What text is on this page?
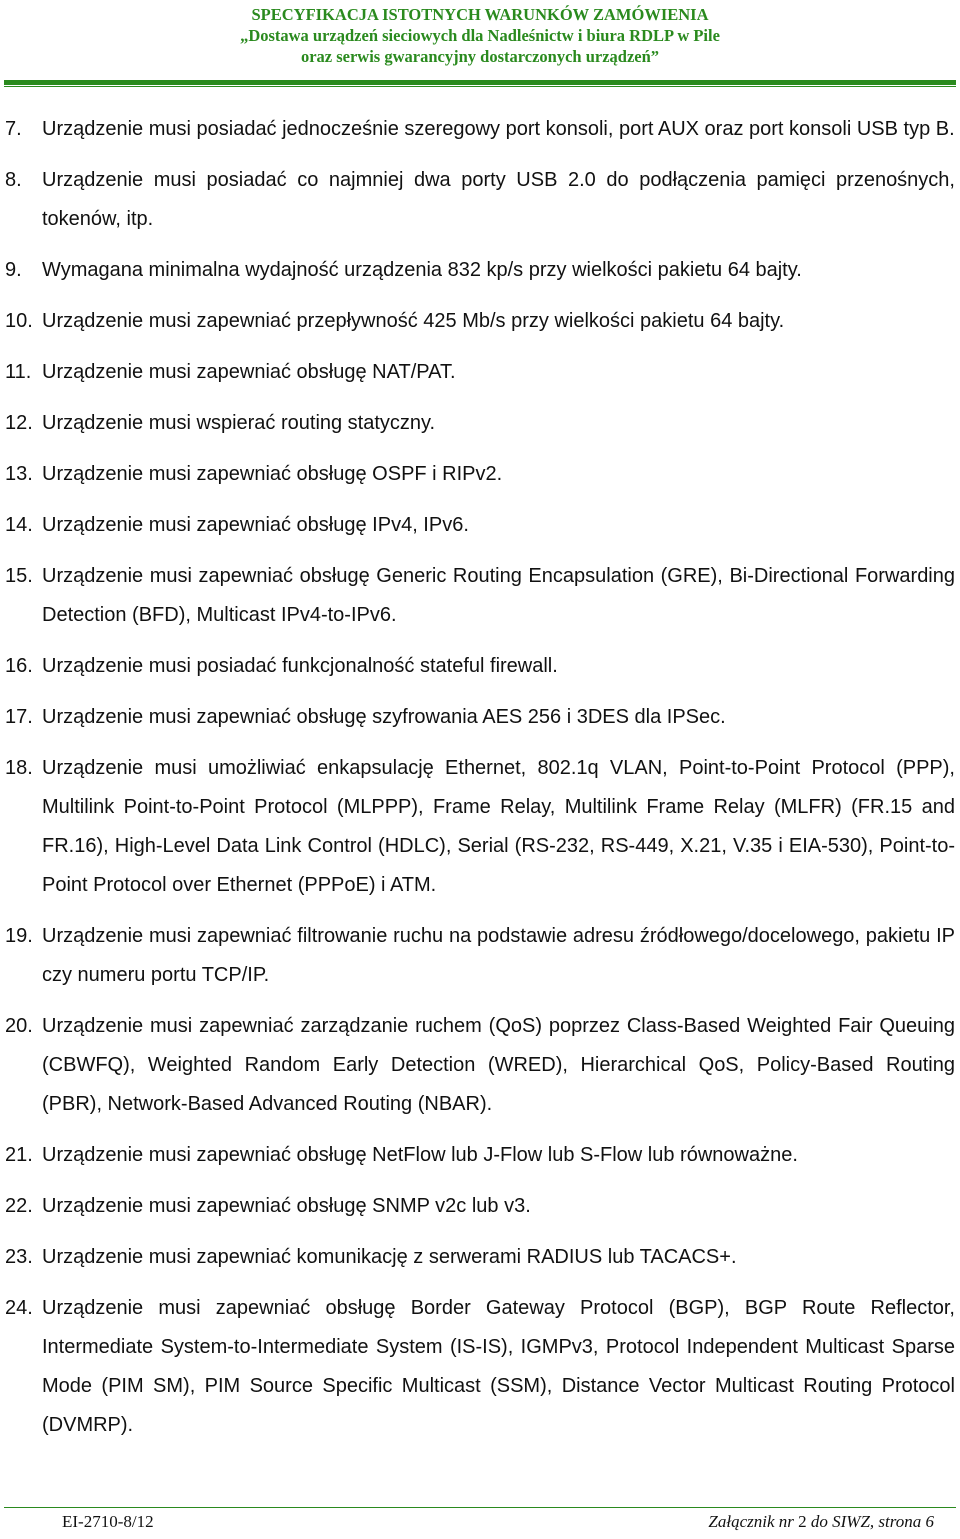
SPECYFIKACJA ISTOTNYCH WARUNKÓW ZAMÓWIENIA
„Dostawa urządzeń sieciowych dla Nadleśnictw i biura RDLP w Pile
oraz serwis gwarancyjny dostarczonych urządzeń”
7. Urządzenie musi posiadać jednocześnie szeregowy port konsoli, port AUX oraz port konsoli USB typ B.
8. Urządzenie musi posiadać co najmniej dwa porty USB 2.0 do podłączenia pamięci przenośnych, tokenów, itp.
9. Wymagana minimalna wydajność urządzenia 832 kp/s przy wielkości pakietu 64 bajty.
10. Urządzenie musi zapewniać przepływność 425 Mb/s przy wielkości pakietu 64 bajty.
11. Urządzenie musi zapewniać obsługę NAT/PAT.
12. Urządzenie musi wspierać routing statyczny.
13. Urządzenie musi zapewniać obsługę OSPF i RIPv2.
14. Urządzenie musi zapewniać obsługę IPv4, IPv6.
15. Urządzenie musi zapewniać obsługę Generic Routing Encapsulation (GRE), Bi-Directional Forwarding Detection (BFD), Multicast IPv4-to-IPv6.
16. Urządzenie musi posiadać funkcjonalność stateful firewall.
17. Urządzenie musi zapewniać obsługę szyfrowania AES 256 i 3DES dla IPSec.
18. Urządzenie musi umożliwiać enkapsulację Ethernet, 802.1q VLAN, Point-to-Point Protocol (PPP), Multilink Point-to-Point Protocol (MLPPP), Frame Relay, Multilink Frame Relay (MLFR) (FR.15 and FR.16), High-Level Data Link Control (HDLC), Serial (RS-232, RS-449, X.21, V.35 i EIA-530), Point-to-Point Protocol over Ethernet (PPPoE) i ATM.
19. Urządzenie musi zapewniać filtrowanie ruchu na podstawie adresu źródłowego/docelowego, pakietu IP czy numeru portu TCP/IP.
20. Urządzenie musi zapewniać zarządzanie ruchem (QoS) poprzez Class-Based Weighted Fair Queuing (CBWFQ), Weighted Random Early Detection (WRED), Hierarchical QoS, Policy-Based Routing (PBR), Network-Based Advanced Routing (NBAR).
21. Urządzenie musi zapewniać obsługę NetFlow lub J-Flow lub S-Flow lub równoważne.
22. Urządzenie musi zapewniać obsługę SNMP v2c lub v3.
23. Urządzenie musi zapewniać komunikację z serwerami RADIUS lub TACACS+.
24. Urządzenie musi zapewniać obsługę Border Gateway Protocol (BGP), BGP Route Reflector, Intermediate System-to-Intermediate System (IS-IS), IGMPv3, Protocol Independent Multicast Sparse Mode (PIM SM), PIM Source Specific Multicast (SSM), Distance Vector Multicast Routing Protocol (DVMRP).
EI-2710-8/12	Załącznik nr 2 do SIWZ, strona 6
